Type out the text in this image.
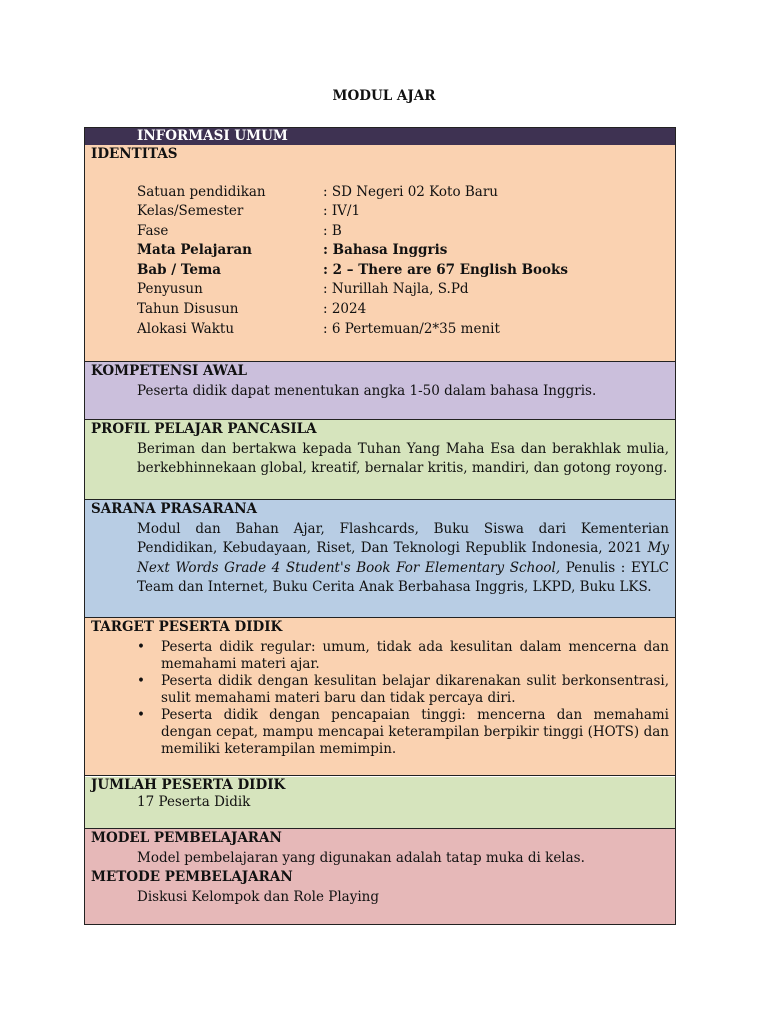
MODUL AJAR
INFORMASI UMUM
IDENTITAS
Satuan pendidikan	: SD Negeri 02 Koto Baru
Kelas/Semester	: IV/1
Fase	: B
Mata Pelajaran	: Bahasa Inggris
Bab / Tema	: 2 – There are 67 English Books
Penyusun	: Nurillah Najla, S.Pd
Tahun Disusun	: 2024
Alokasi Waktu	: 6 Pertemuan/2*35 menit
KOMPETENSI AWAL
Peserta didik dapat menentukan angka 1-50 dalam bahasa Inggris.
PROFIL PELAJAR PANCASILA
Beriman dan bertakwa kepada Tuhan Yang Maha Esa dan berakhlak mulia, berkebhinnekaan global, kreatif, bernalar kritis, mandiri, dan gotong royong.
SARANA PRASARANA
Modul dan Bahan Ajar, Flashcards, Buku Siswa dari Kementerian Pendidikan, Kebudayaan, Riset, Dan Teknologi Republik Indonesia, 2021 My Next Words Grade 4 Student's Book For Elementary School, Penulis : EYLC Team dan Internet, Buku Cerita Anak Berbahasa Inggris, LKPD, Buku LKS.
TARGET PESERTA DIDIK
• Peserta didik regular: umum, tidak ada kesulitan dalam mencerna dan memahami materi ajar.
• Peserta didik dengan kesulitan belajar dikarenakan sulit berkonsentrasi, sulit memahami materi baru dan tidak percaya diri.
• Peserta didik dengan pencapaian tinggi: mencerna dan memahami dengan cepat, mampu mencapai keterampilan berpikir tinggi (HOTS) dan memiliki keterampilan memimpin.
JUMLAH PESERTA DIDIK
17 Peserta Didik
MODEL PEMBELAJARAN
Model pembelajaran yang digunakan adalah tatap muka di kelas.
METODE PEMBELAJARAN
Diskusi Kelompok dan Role Playing
